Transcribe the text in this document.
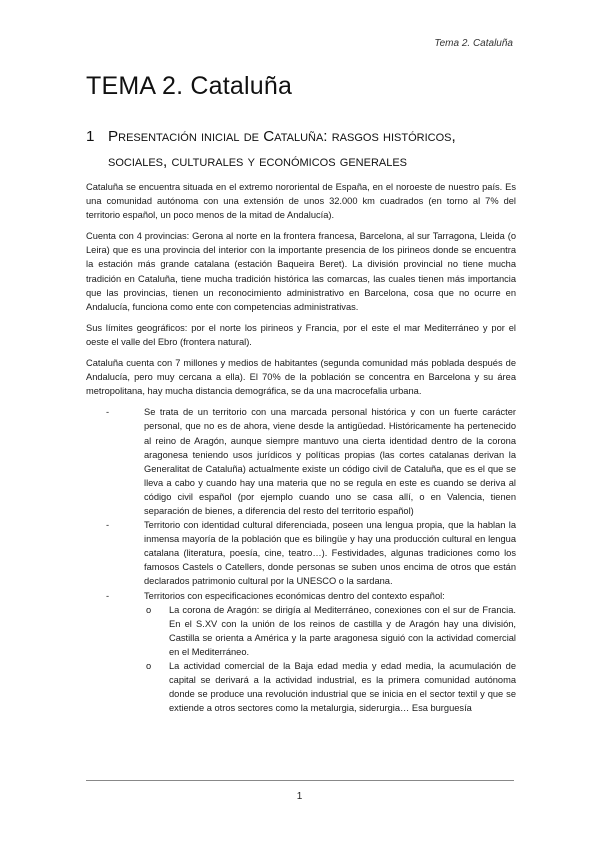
Tema 2. Cataluña
TEMA 2. Cataluña
1 Presentación inicial de Cataluña: rasgos históricos,
sociales, culturales y económicos generales

Cataluña se encuentra situada en el extremo nororiental de España, en el noroeste de nuestro país. Es una comunidad autónoma con una extensión de unos 32.000 km cuadrados (en torno al 7% del territorio español, un poco menos de la mitad de Andalucía).

Cuenta con 4 provincias: Gerona al norte en la frontera francesa, Barcelona, al sur Tarragona, Lleida (o Leira) que es una provincia del interior con la importante presencia de los pirineos donde se encuentra la estación más grande catalana (estación Baqueira Beret). La división provincial no tiene mucha tradición en Cataluña, tiene mucha tradición histórica las comarcas, las cuales tienen más importancia que las provincias, tienen un reconocimiento administrativo en Barcelona, cosa que no ocurre en Andalucía, funciona como ente con competencias administrativas.

Sus límites geográficos: por el norte los pirineos y Francia, por el este el mar Mediterráneo y por el oeste el valle del Ebro (frontera natural).

Cataluña cuenta con 7 millones y medios de habitantes (segunda comunidad más poblada después de Andalucía, pero muy cercana a ella). El 70% de la población se concentra en Barcelona y su área metropolitana, hay mucha distancia demográfica, se da una macrocefalia urbana.

-	Se trata de un territorio con una marcada personal histórica y con un fuerte carácter personal, que no es de ahora, viene desde la antigüedad. Históricamente ha pertenecido al reino de Aragón, aunque siempre mantuvo una cierta identidad dentro de la corona aragonesa teniendo usos jurídicos y políticas propias (las cortes catalanas derivan la Generalitat de Cataluña) actualmente existe un código civil de Cataluña, que es el que se lleva a cabo y cuando hay una materia que no se regula en este es cuando se deriva al código civil español (por ejemplo cuando uno se casa allí, o en Valencia, tienen separación de bienes, a diferencia del resto del territorio español)
-	Territorio con identidad cultural diferenciada, poseen una lengua propia, que la hablan la inmensa mayoría de la población que es bilingüe y hay una producción cultural en lengua catalana (literatura, poesía, cine, teatro…). Festividades, algunas tradiciones como los famosos Castels o Catellers, donde personas se suben unos encima de otros que están declarados patrimonio cultural por la UNESCO o la sardana.
-	Territorios con especificaciones económicas dentro del contexto español:
o La corona de Aragón: se dirigía al Mediterráneo, conexiones con el sur de Francia. En el S.XV con la unión de los reinos de castilla y de Aragón hay una división, Castilla se orienta a América y la parte aragonesa siguió con la actividad comercial en el Mediterráneo.
o La actividad comercial de la Baja edad media y edad media, la acumulación de capital se derivará a la actividad industrial, es la primera comunidad autónoma donde se produce una revolución industrial que se inicia en el sector textil y que se extiende a otros sectores como la metalurgia, siderurgia… Esa burguesía
1
